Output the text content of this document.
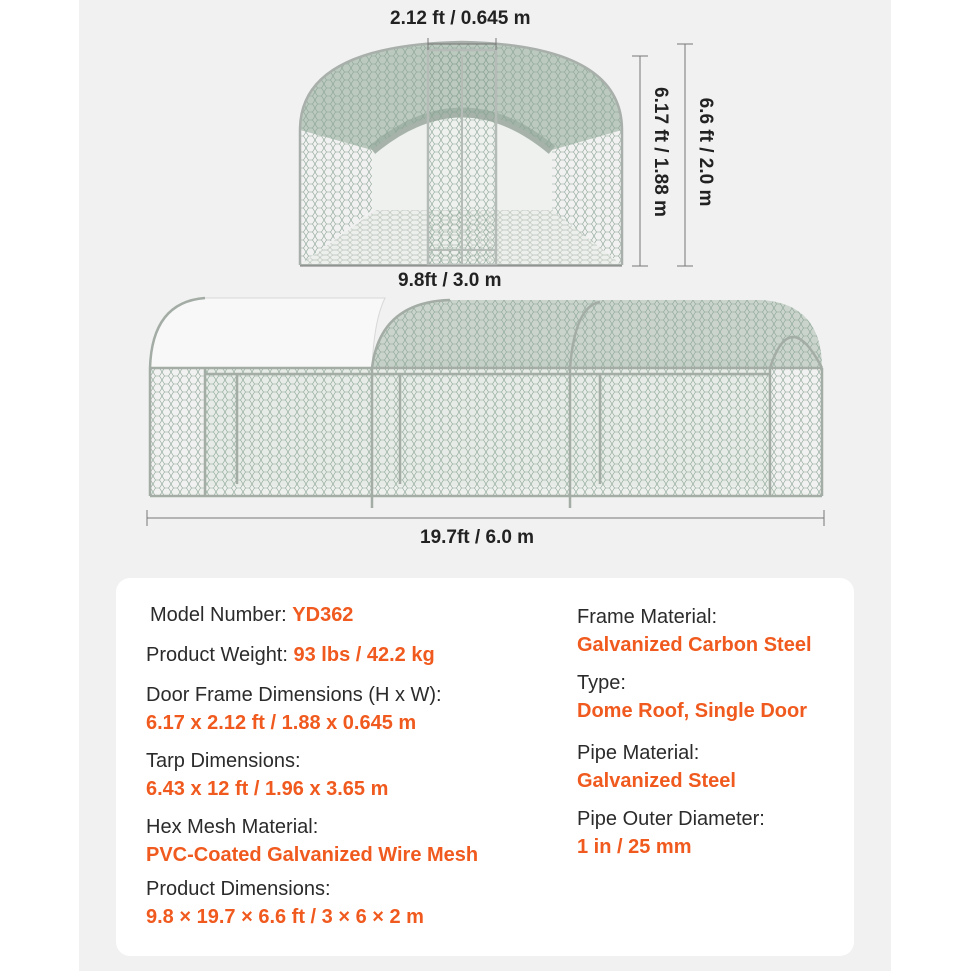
2.12 ft / 0.645 m
6.17 ft / 1.88 m 6.6 ft / 2.0 m
9.8ft / 3.0 m
19.7ft / 6.0 m
Model Number: YD362
Product Weight: 93 lbs / 42.2 kg
Door Frame Dimensions (H x W):
6.17 x 2.12 ft / 1.88 x 0.645 m
Tarp Dimensions:
6.43 x 12 ft / 1.96 x 3.65 m
Hex Mesh Material:
PVC-Coated Galvanized Wire Mesh
Product Dimensions:
9.8 × 19.7 × 6.6 ft / 3 × 6 × 2 m
Frame Material:
Galvanized Carbon Steel
Type:
Dome Roof, Single Door
Pipe Material:
Galvanized Steel
Pipe Outer Diameter:
1 in / 25 mm
